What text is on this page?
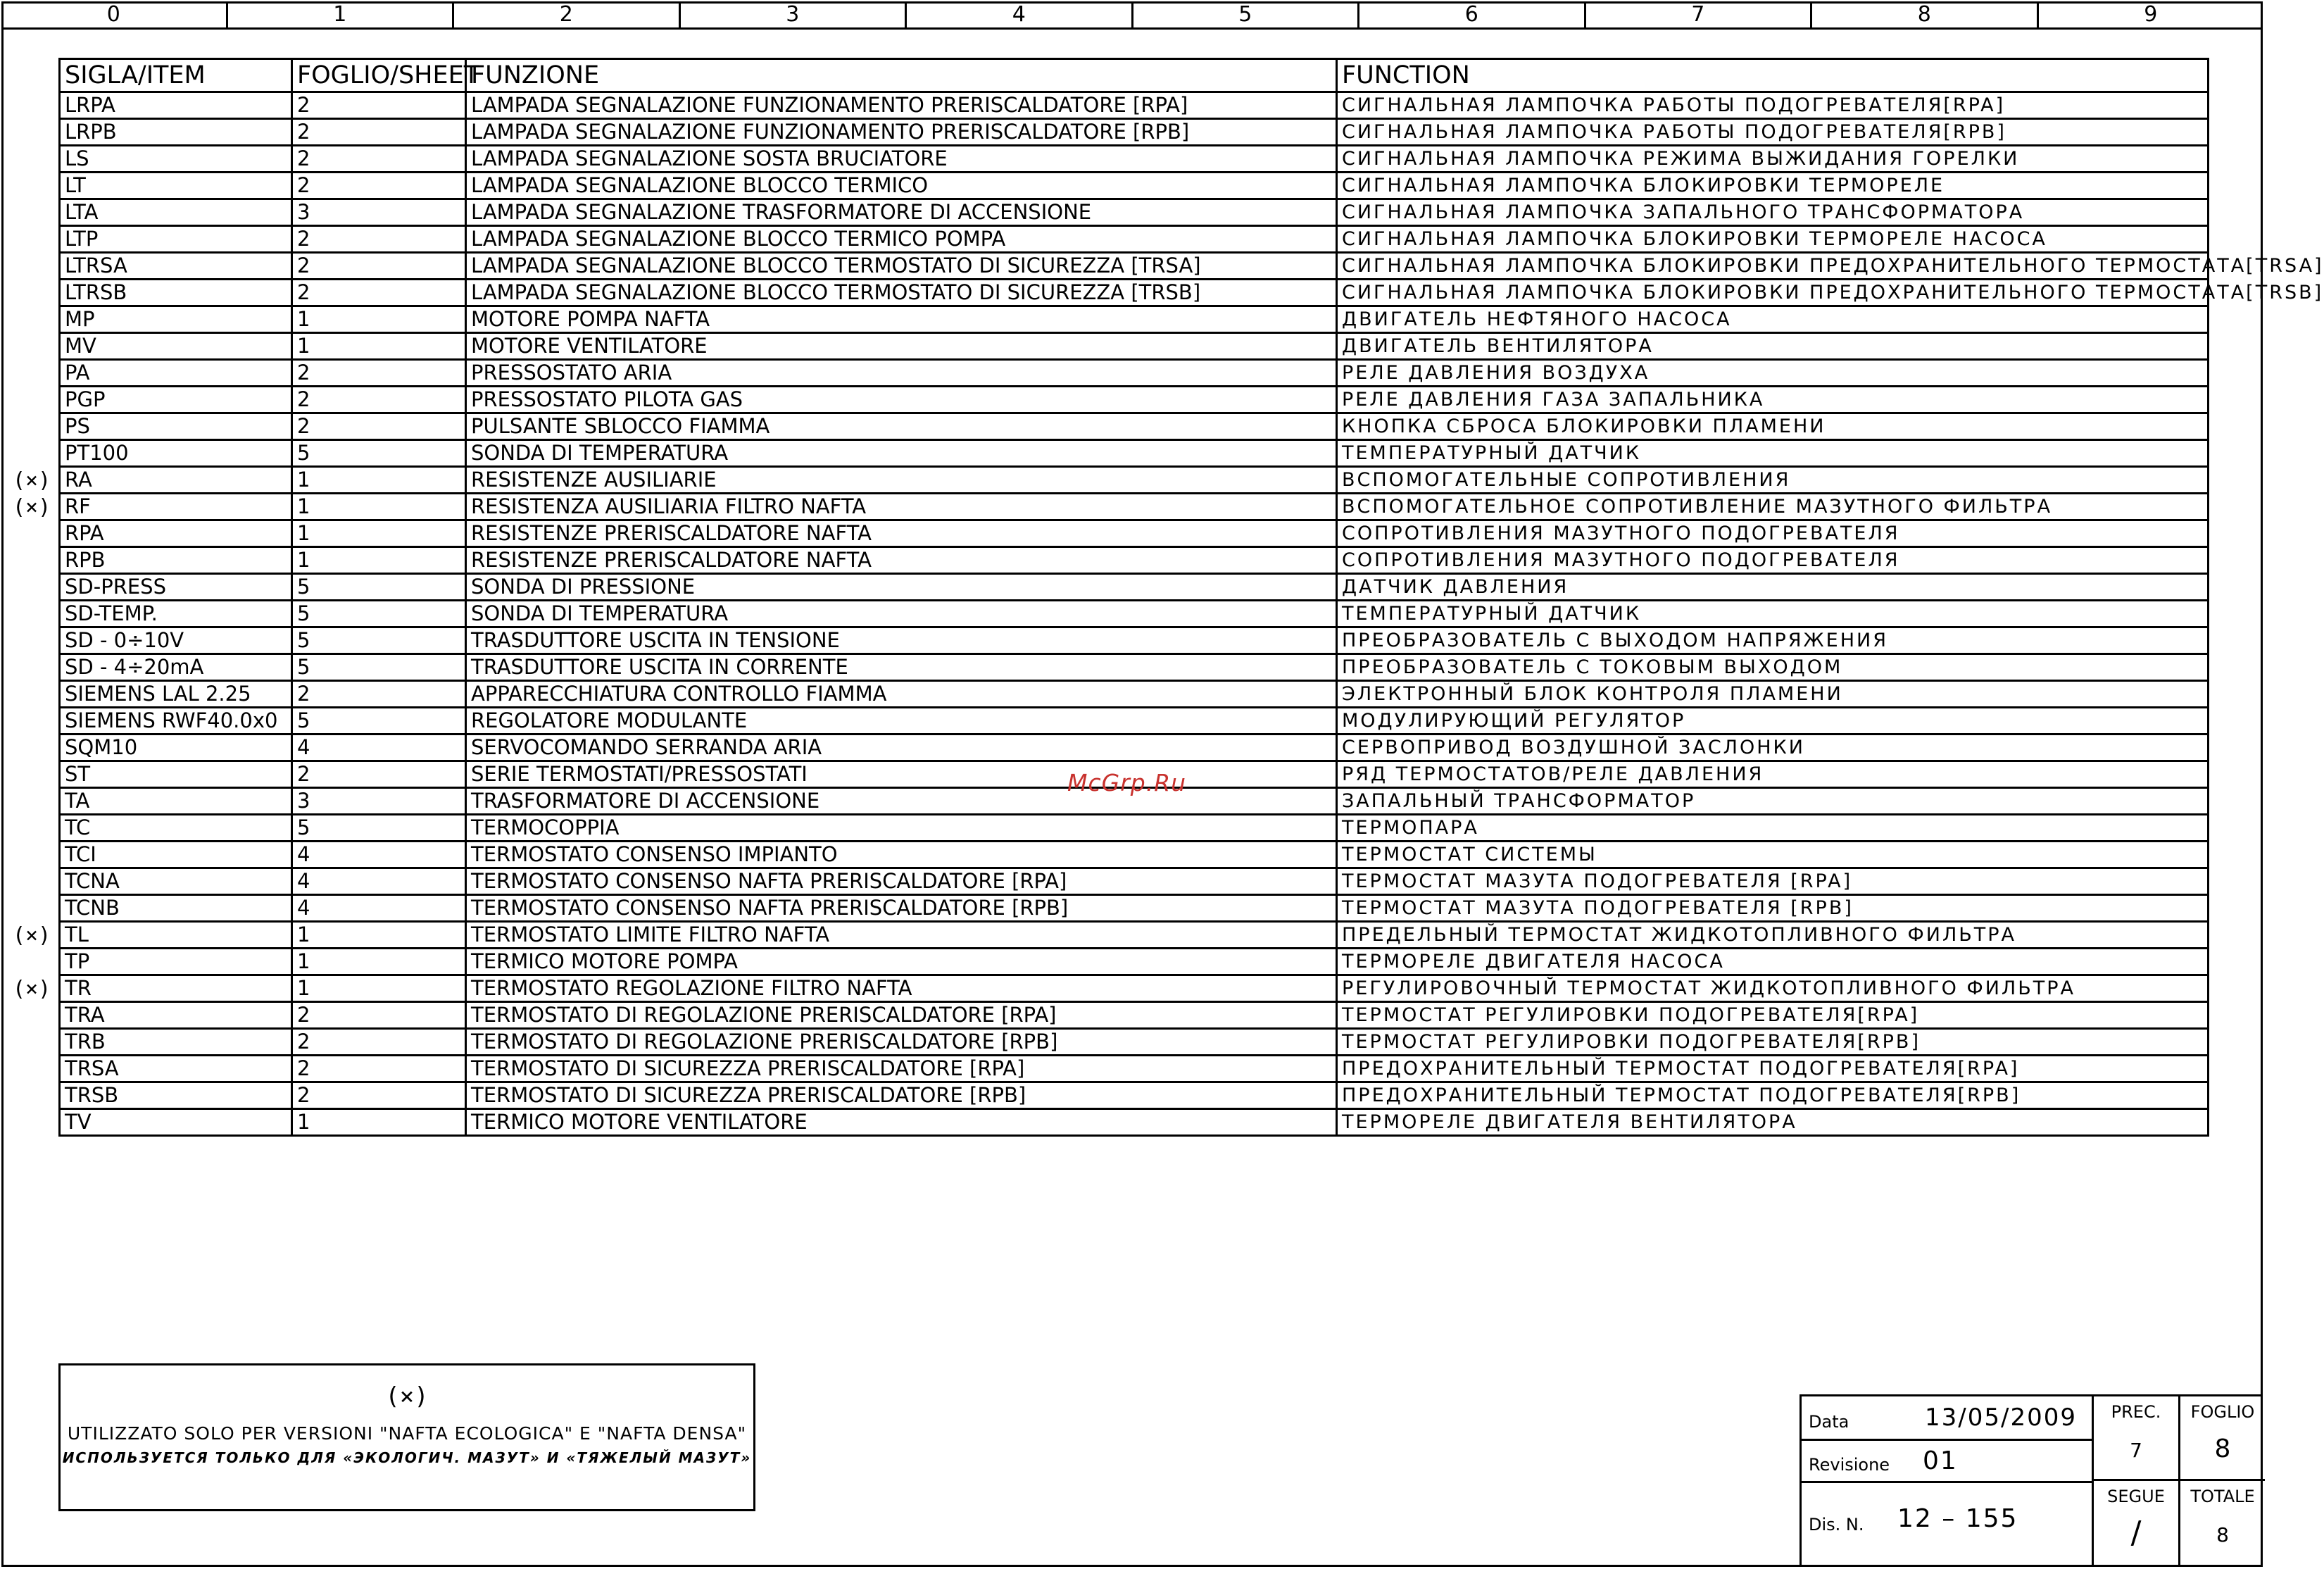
0	1	2	3	4	5	6	7	8	9
SIGLA/ITEM	FOGLIO/SHEET	FUNZIONE	FUNCTION
LRPA	2	LAMPADA SEGNALAZIONE FUNZIONAMENTO PRERISCALDATORE [RPA]	СИГНАЛЬНАЯ ЛАМПОЧКА РАБОТЫ ПОДОГРЕВАТЕЛЯ[RPA]
LRPB	2	LAMPADA SEGNALAZIONE FUNZIONAMENTO PRERISCALDATORE [RPB]	СИГНАЛЬНАЯ ЛАМПОЧКА РАБОТЫ ПОДОГРЕВАТЕЛЯ[RPB]
LS	2	LAMPADA SEGNALAZIONE SOSTA BRUCIATORE	СИГНАЛЬНАЯ ЛАМПОЧКА РЕЖИМА ВЫЖИДАНИЯ ГОРЕЛКИ
LT	2	LAMPADA SEGNALAZIONE BLOCCO TERMICO	СИГНАЛЬНАЯ ЛАМПОЧКА БЛОКИРОВКИ ТЕРМОРЕЛЕ
LTA	3	LAMPADA SEGNALAZIONE TRASFORMATORE DI ACCENSIONE	СИГНАЛЬНАЯ ЛАМПОЧКА ЗАПАЛЬНОГО ТРАНСФОРМАТОРА
LTP	2	LAMPADA SEGNALAZIONE BLOCCO TERMICO POMPA	СИГНАЛЬНАЯ ЛАМПОЧКА БЛОКИРОВКИ ТЕРМОРЕЛЕ НАСОСА
LTRSA	2	LAMPADA SEGNALAZIONE BLOCCO TERMOSTATO DI SICUREZZA [TRSA]	СИГНАЛЬНАЯ ЛАМПОЧКА БЛОКИРОВКИ ПРЕДОХРАНИТЕЛЬНОГО ТЕРМОСТАТА[TRSA]
LTRSB	2	LAMPADA SEGNALAZIONE BLOCCO TERMOSTATO DI SICUREZZA [TRSB]	СИГНАЛЬНАЯ ЛАМПОЧКА БЛОКИРОВКИ ПРЕДОХРАНИТЕЛЬНОГО ТЕРМОСТАТА[TRSB]
MP	1	MOTORE POMPA NAFTA	ДВИГАТЕЛЬ НЕФТЯНОГО НАСОСА
MV	1	MOTORE VENTILATORE	ДВИГАТЕЛЬ ВЕНТИЛЯТОРА
PA	2	PRESSOSTATO ARIA	РЕЛЕ ДАВЛЕНИЯ ВОЗДУХА
PGP	2	PRESSOSTATO PILOTA GAS	РЕЛЕ ДАВЛЕНИЯ ГАЗА ЗАПАЛЬНИКА
PS	2	PULSANTE SBLOCCO FIAMMA	КНОПКА СБРОСА БЛОКИРОВКИ ПЛАМЕНИ
PT100	5	SONDA DI TEMPERATURA	ТЕМПЕРАТУРНЫЙ ДАТЧИК
RA	1	RESISTENZE AUSILIARIE	ВСПОМОГАТЕЛЬНЫЕ СОПРОТИВЛЕНИЯ
RF	1	RESISTENZA AUSILIARIA FILTRO NAFTA	ВСПОМОГАТЕЛЬНОЕ СОПРОТИВЛЕНИЕ МАЗУТНОГО ФИЛЬТРА
RPA	1	RESISTENZE PRERISCALDATORE NAFTA	СОПРОТИВЛЕНИЯ МАЗУТНОГО ПОДОГРЕВАТЕЛЯ
RPB	1	RESISTENZE PRERISCALDATORE NAFTA	СОПРОТИВЛЕНИЯ МАЗУТНОГО ПОДОГРЕВАТЕЛЯ
SD-PRESS	5	SONDA DI PRESSIONE	ДАТЧИК ДАВЛЕНИЯ
SD-TEMP.	5	SONDA DI TEMPERATURA	ТЕМПЕРАТУРНЫЙ ДАТЧИК
SD - 0÷10V	5	TRASDUTTORE USCITA IN TENSIONE	ПРЕОБРАЗОВАТЕЛЬ С ВЫХОДОМ НАПРЯЖЕНИЯ
SD - 4÷20mA	5	TRASDUTTORE USCITA IN CORRENTE	ПРЕОБРАЗОВАТЕЛЬ С ТОКОВЫМ ВЫХОДОМ
SIEMENS LAL 2.25	2	APPARECCHIATURA CONTROLLO FIAMMA	ЭЛЕКТРОННЫЙ БЛОК КОНТРОЛЯ ПЛАМЕНИ
SIEMENS RWF40.0x0	5	REGOLATORE MODULANTE	МОДУЛИРУЮЩИЙ РЕГУЛЯТОР
SQM10	4	SERVOCOMANDO SERRANDA ARIA	СЕРВОПРИВОД ВОЗДУШНОЙ ЗАСЛОНКИ
ST	2	SERIE TERMOSTATI/PRESSOSTATI	РЯД ТЕРМОСТАТОВ/РЕЛЕ ДАВЛЕНИЯ
TA	3	TRASFORMATORE DI ACCENSIONE	ЗАПАЛЬНЫЙ ТРАНСФОРМАТОР
TC	5	TERMOCOPPIA	ТЕРМОПАРА
TCI	4	TERMOSTATO CONSENSO IMPIANTO	ТЕРМОСТАТ СИСТЕМЫ
TCNA	4	TERMOSTATO CONSENSO NAFTA PRERISCALDATORE [RPA]	ТЕРМОСТАТ МАЗУТА ПОДОГРЕВАТЕЛЯ [RPA]
TCNB	4	TERMOSTATO CONSENSO NAFTA PRERISCALDATORE [RPB]	ТЕРМОСТАТ МАЗУТА ПОДОГРЕВАТЕЛЯ [RPB]
TL	1	TERMOSTATO LIMITE FILTRO NAFTA	ПРЕДЕЛЬНЫЙ ТЕРМОСТАТ ЖИДКОТОПЛИВНОГО ФИЛЬТРА
TP	1	TERMICO MOTORE POMPA	ТЕРМОРЕЛЕ ДВИГАТЕЛЯ НАСОСА
TR	1	TERMOSTATO REGOLAZIONE FILTRO NAFTA	РЕГУЛИРОВОЧНЫЙ ТЕРМОСТАТ ЖИДКОТОПЛИВНОГО ФИЛЬТРА
TRA	2	TERMOSTATO DI REGOLAZIONE PRERISCALDATORE [RPA]	ТЕРМОСТАТ РЕГУЛИРОВКИ ПОДОГРЕВАТЕЛЯ[RPA]
TRB	2	TERMOSTATO DI REGOLAZIONE PRERISCALDATORE [RPB]	ТЕРМОСТАТ РЕГУЛИРОВКИ ПОДОГРЕВАТЕЛЯ[RPB]
TRSA	2	TERMOSTATO DI SICUREZZA PRERISCALDATORE [RPA]	ПРЕДОХРАНИТЕЛЬНЫЙ ТЕРМОСТАТ ПОДОГРЕВАТЕЛЯ[RPA]
TRSB	2	TERMOSTATO DI SICUREZZA PRERISCALDATORE [RPB]	ПРЕДОХРАНИТЕЛЬНЫЙ ТЕРМОСТАТ ПОДОГРЕВАТЕЛЯ[RPB]
TV	1	TERMICO MOTORE VENTILATORE	ТЕРМОРЕЛЕ ДВИГАТЕЛЯ ВЕНТИЛЯТОРА
(×)
(×)
(×)
(×)
McGrp.Ru
(×)
UTILIZZATO SOLO PER VERSIONI "NAFTA ECOLOGICA" E "NAFTA DENSA"
ИСПОЛЬЗУЕТСЯ ТОЛЬКО ДЛЯ «ЭКОЛОГИЧ. МАЗУТ» И «ТЯЖЕЛЫЙ МАЗУТ»
Data	13/05/2009
Revisione 01
Dis. N. 12 – 155
PREC.
7
FOGLIO
8
SEGUE
/
TOTALE
8
